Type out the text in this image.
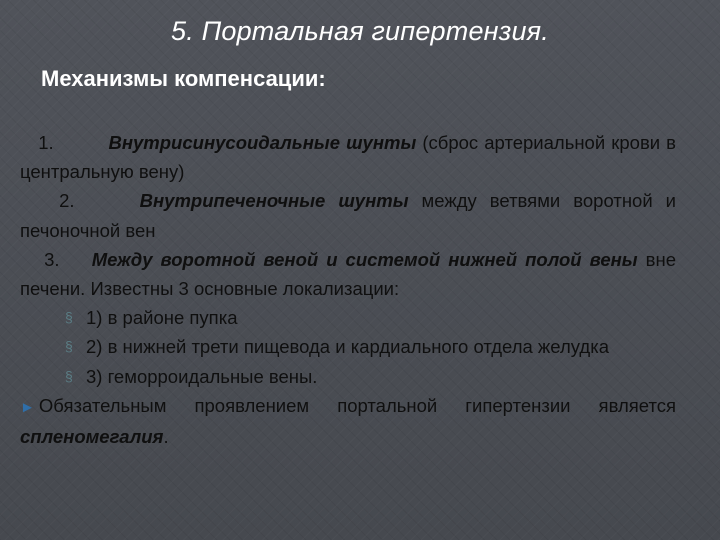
5. Портальная гипертензия.
Механизмы компенсации:

1.	Внутрисинусоидальные шунты (сброс артериальной крови в центральную вену)

2.	Внутрипеченочные шунты между ветвями воротной и печоночной вен

3. Между воротной веной и системой нижней полой вены вне печени. Известны 3 основные локализации:

§ 1) в районе пупка
§ 2) в нижней трети пищевода и кардиального отдела желудка
§ 3) геморроидальные вены.

► Обязательным проявлением портальной гипертензии является спленомегалия.
